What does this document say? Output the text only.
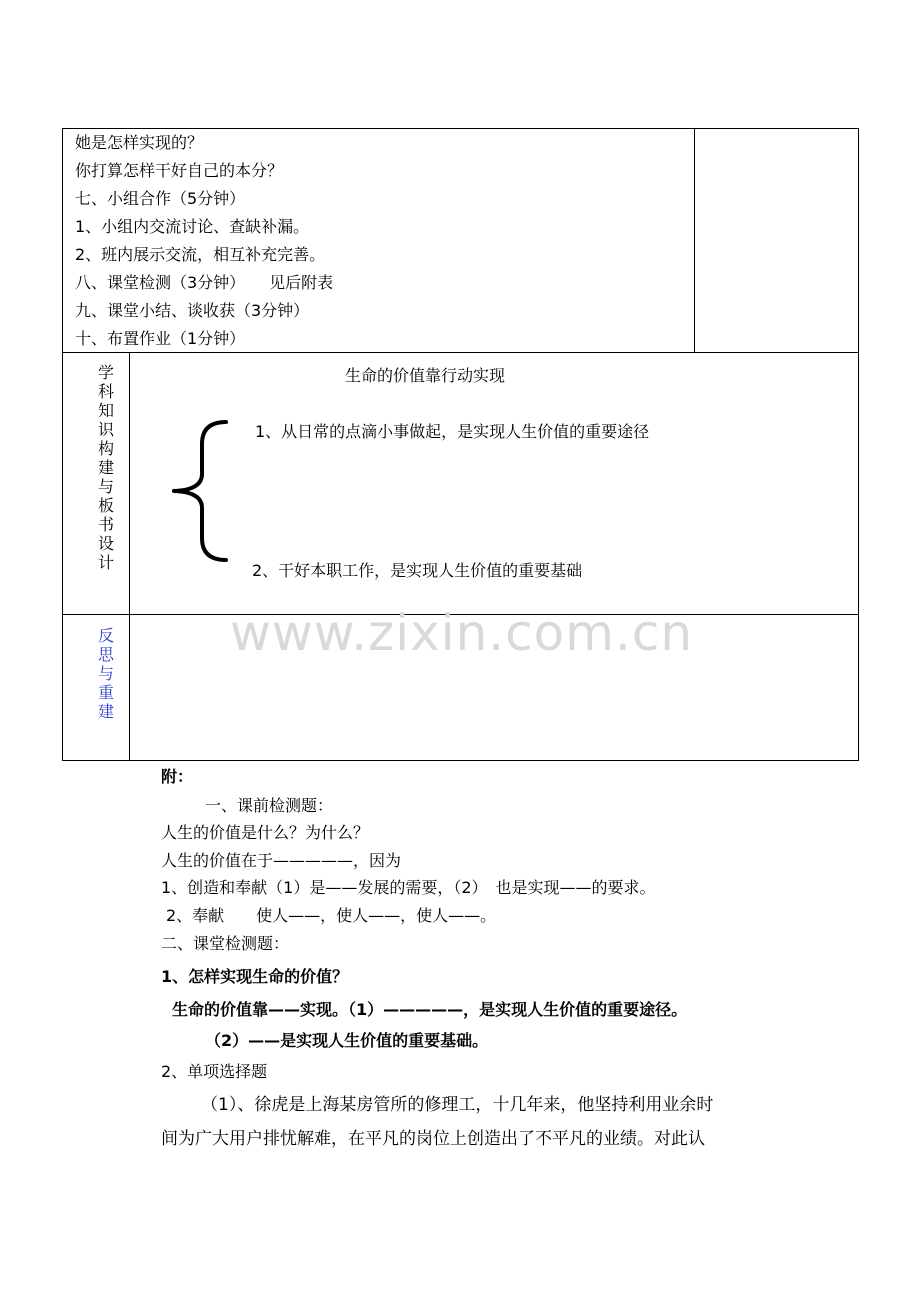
她是怎样实现的？
你打算怎样干好自己的本分？
七、小组合作（5分钟）
1、小组内交流讨论、查缺补漏。
2、班内展示交流，相互补充完善。
八、课堂检测（3分钟）　　见后附表
九、课堂小结、谈收获（3分钟）
十、布置作业（1分钟）
学科知识构建与板书设计
生命的价值靠行动实现
1、从日常的点滴小事做起，是实现人生价值的重要途径
2、干好本职工作，是实现人生价值的重要基础
反思与重建
www.zixin.com.cn
附：
一、课前检测题：
人生的价值是什么？为什么？
人生的价值在于—————，因为
1、创造和奉献（1）是——发展的需要，（2）　也是实现——的要求。
2、奉献　　使人——，使人——，使人——。
二、课堂检测题：
1、怎样实现生命的价值？
生命的价值靠——实现。（1）—————，是实现人生价值的重要途径。
（2）——是实现人生价值的重要基础。
2、单项选择题
（1）、徐虎是上海某房管所的修理工，十几年来，他坚持利用业余时
间为广大用户排忧解难，在平凡的岗位上创造出了不平凡的业绩。对此认
